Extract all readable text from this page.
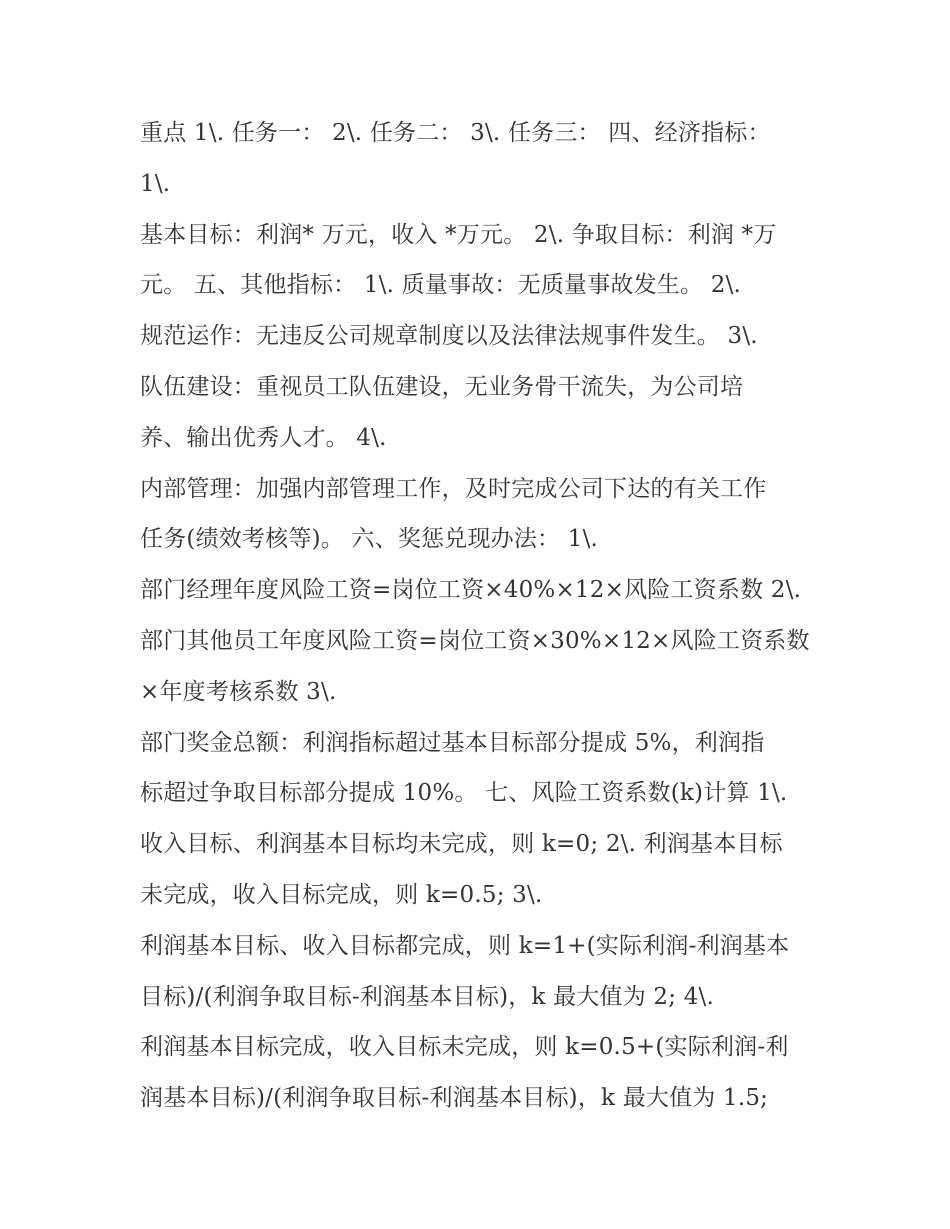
重点 1\. 任务一： 2\. 任务二： 3\. 任务三： 四、经济指标：
1\.
基本目标：利润* 万元，收入 *万元。 2\. 争取目标：利润 *万
元。 五、其他指标： 1\. 质量事故：无质量事故发生。 2\.
规范运作：无违反公司规章制度以及法律法规事件发生。 3\.
队伍建设：重视员工队伍建设，无业务骨干流失，为公司培
养、输出优秀人才。 4\.
内部管理：加强内部管理工作，及时完成公司下达的有关工作
任务(绩效考核等)。 六、奖惩兑现办法： 1\.
部门经理年度风险工资=岗位工资×40%×12×风险工资系数 2\.
部门其他员工年度风险工资=岗位工资×30%×12×风险工资系数
×年度考核系数 3\.
部门奖金总额：利润指标超过基本目标部分提成 5%，利润指
标超过争取目标部分提成 10%。 七、风险工资系数(k)计算 1\.
收入目标、利润基本目标均未完成，则 k=0; 2\. 利润基本目标
未完成，收入目标完成，则 k=0.5; 3\.
利润基本目标、收入目标都完成，则 k=1+(实际利润-利润基本
目标)/(利润争取目标-利润基本目标)，k 最大值为 2; 4\.
利润基本目标完成，收入目标未完成，则 k=0.5+(实际利润-利
润基本目标)/(利润争取目标-利润基本目标)，k 最大值为 1.5;
